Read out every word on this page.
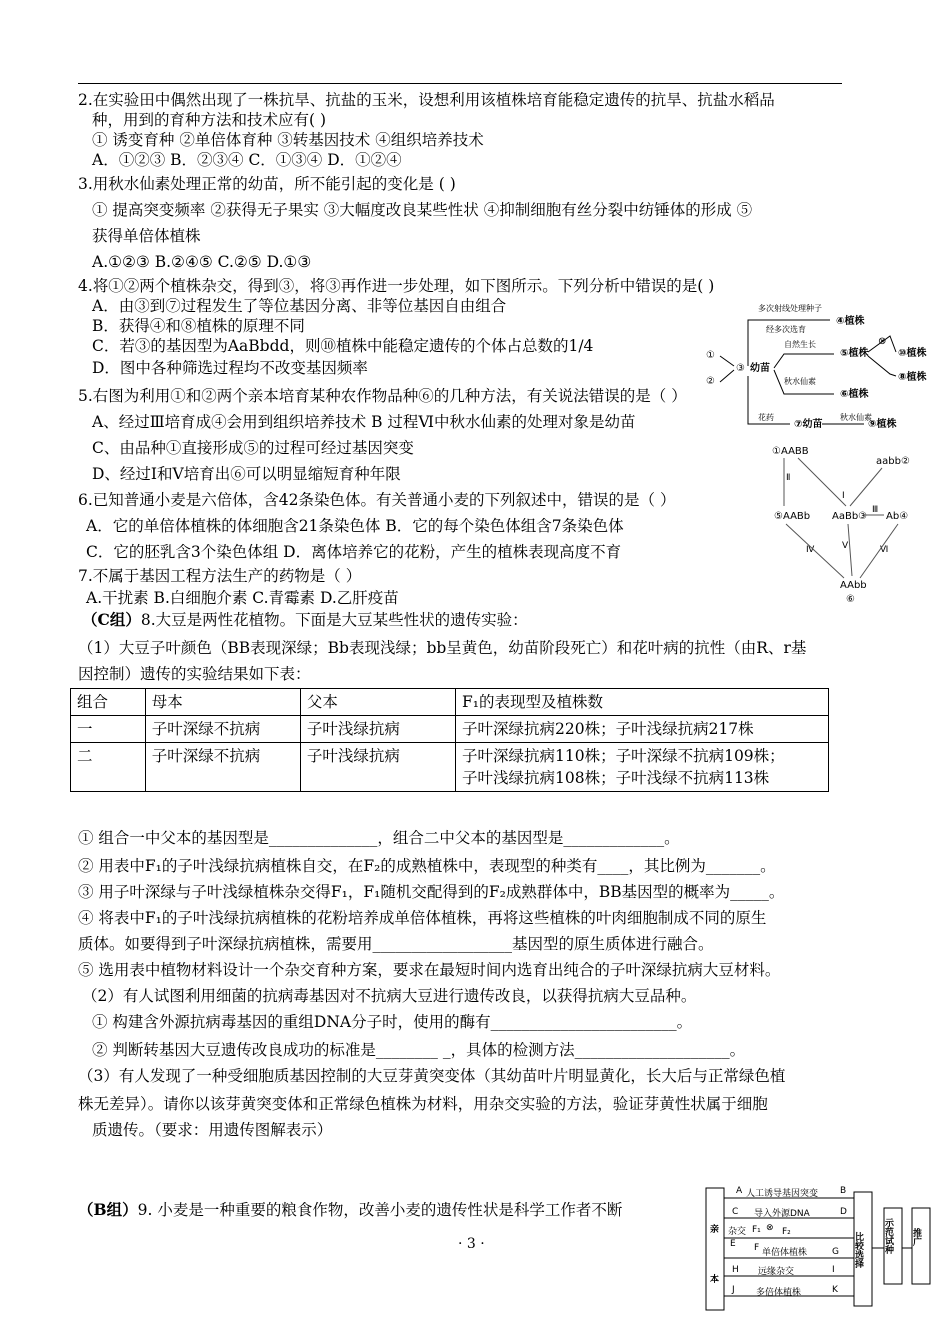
2.在实验田中偶然出现了一株抗旱、抗盐的玉米，设想利用该植株培育能稳定遗传的抗旱、抗盐水稻品
种，用到的育种方法和技术应有( )
① 诱变育种 ②单倍体育种 ③转基因技术 ④组织培养技术
A．①②③ B．②③④ C．①③④ D．①②④
3.用秋水仙素处理正常的幼苗，所不能引起的变化是 ( )
① 提高突变频率 ②获得无子果实 ③大幅度改良某些性状 ④抑制细胞有丝分裂中纺锤体的形成 ⑤
获得单倍体植株
A.①②③ B.②④⑤ C.②⑤ D.①③
4.将①②两个植株杂交，得到③，将③再作进一步处理，如下图所示。下列分析中错误的是( )
A．由③到⑦过程发生了等位基因分离、非等位基因自由组合
B．获得④和⑧植株的原理不同
C．若③的基因型为AaBbdd，则⑩植株中能稳定遗传的个体占总数的1/4
D．图中各种筛选过程均不改变基因频率
5.右图为利用①和②两个亲本培育某种农作物品种⑥的几种方法，有关说法错误的是（ ）
A、经过Ⅲ培育成④会用到组织培养技术 B 过程Ⅵ中秋水仙素的处理对象是幼苗
C、由品种①直接形成⑤的过程可经过基因突变
D、经过Ⅰ和Ⅴ培育出⑥可以明显缩短育种年限
6.已知普通小麦是六倍体，含42条染色体。有关普通小麦的下列叙述中，错误的是（ ）
A．它的单倍体植株的体细胞含21条染色体 B．它的每个染色体组含7条染色体
C．它的胚乳含3个染色体组 D．离体培养它的花粉，产生的植株表现高度不育
7.不属于基因工程方法生产的药物是（ ）
A.干扰素 B.白细胞介素 C.青霉素 D.乙肝疫苗
（C组）8.大豆是两性花植物。下面是大豆某些性状的遗传实验：
（1）大豆子叶颜色（BB表现深绿；Bb表现浅绿；bb呈黄色，幼苗阶段死亡）和花叶病的抗性（由R、r基
因控制）遗传的实验结果如下表：
组合	母本	父本	F₁的表现型及植株数
一	子叶深绿不抗病	子叶浅绿抗病	子叶深绿抗病220株；子叶浅绿抗病217株
二	子叶深绿不抗病	子叶浅绿抗病	子叶深绿抗病110株；子叶深绿不抗病109株；
子叶浅绿抗病108株；子叶浅绿不抗病113株
① 组合一中父本的基因型是______________，组合二中父本的基因型是_____________。
② 用表中F₁的子叶浅绿抗病植株自交，在F₂的成熟植株中，表现型的种类有____，其比例为_______。
③ 用子叶深绿与子叶浅绿植株杂交得F₁，F₁随机交配得到的F₂成熟群体中，BB基因型的概率为_____。
④ 将表中F₁的子叶浅绿抗病植株的花粉培养成单倍体植株，再将这些植株的叶肉细胞制成不同的原生
质体。如要得到子叶深绿抗病植株，需要用__________________基因型的原生质体进行融合。
⑤ 选用表中植物材料设计一个杂交育种方案，要求在最短时间内选育出纯合的子叶深绿抗病大豆材料。
（2）有人试图利用细菌的抗病毒基因对不抗病大豆进行遗传改良，以获得抗病大豆品种。
① 构建含外源抗病毒基因的重组DNA分子时，使用的酶有________________________。
② 判断转基因大豆遗传改良成功的标准是________ _，具体的检测方法____________________。
（3）有人发现了一种受细胞质基因控制的大豆芽黄突变体（其幼苗叶片明显黄化，长大后与正常绿色植
株无差异）。请你以该芽黄突变体和正常绿色植株为材料，用杂交实验的方法，验证芽黄性状属于细胞
质遗传。（要求：用遗传图解表示）
（B组）9. 小麦是一种重要的粮食作物，改善小麦的遗传性状是科学工作者不断
· 3 ·
①
②
③ 幼苗
多次射线处理种子
④植株
经多次选育
自然生长
⑤植株
⊗
⑩植株
秋水仙素
⑥植株
⑧植株
花药
⑦幼苗
秋水仙素
⑨植株
①AABB
aabb②
⑤AABb AaBb③ Ab④
AAbb
⑥
Ⅰ
Ⅱ
Ⅲ
Ⅳ	Ⅴ	Ⅵ
亲
本
比较选择 示范试种 推广
A	B
人工诱导基因突变
C	D
导入外源DNA
杂交 F₁ ⊗ F₂
E F 单倍体植株	G
H 远缘杂交	I
J 多倍体植株	K
